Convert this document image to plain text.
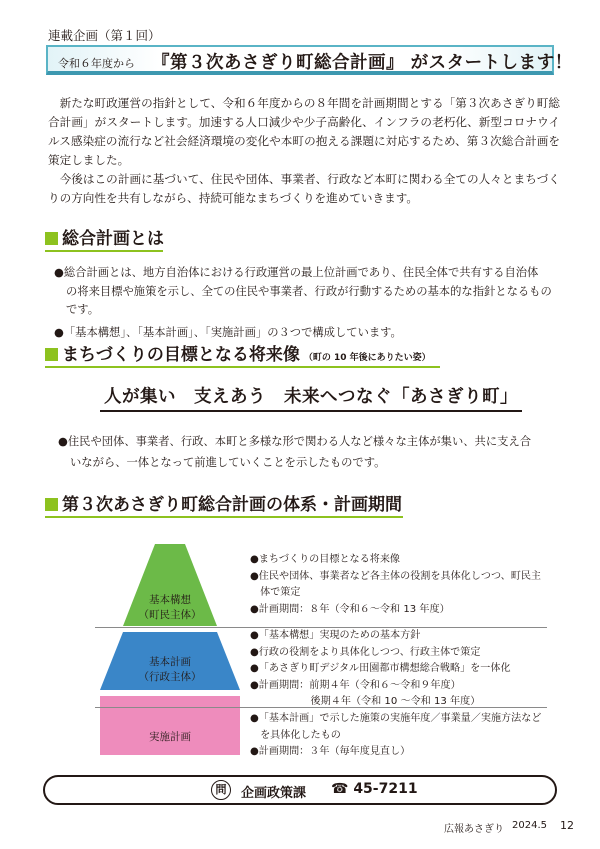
連載企画（第１回）
令和６年度から 『第３次あさぎり町総合計画』 がスタートします！

新たな町政運営の指針として、令和６年度からの８年間を計画期間とする「第３次あさぎり町総合計画」がスタートします。加速する人口減少や少子高齢化、インフラの老朽化、新型コロナウイルス感染症の流行など社会経済環境の変化や本町の抱える課題に対応するため、第３次総合計画を策定しました。

今後はこの計画に基づいて、住民や団体、事業者、行政など本町に関わる全ての人々とまちづくりの方向性を共有しながら、持続可能なまちづくりを進めていきます。

総合計画とは

●総合計画とは、地方自治体における行政運営の最上位計画であり、住民全体で共有する自治体
の将来目標や施策を示し、全ての住民や事業者、行政が行動するための基本的な指針となるものです。

●「基本構想」、「基本計画」、「実施計画」の３つで構成しています。

まちづくりの目標となる将来像 （町の 10 年後にありたい姿）
人が集い　支えあう　未来へつなぐ「あさぎり町」

●住民や団体、事業者、行政、本町と多様な形で関わる人など様々な主体が集い、共に支え合
いながら、一体となって前進していくことを示したものです。

第３次あさぎり町総合計画の体系・計画期間
基本構想
（町民主体）
基本計画
（行政主体）
実施計画
●まちづくりの目標となる将来像
●住民や団体、事業者など各主体の役割を具体化しつつ、町民主
　体で策定
●計画期間：８年（令和６～令和 13 年度）
●「基本構想」実現のための基本方針
●行政の役割をより具体化しつつ、行政主体で策定
●「あさぎり町デジタル田園都市構想総合戦略」を一体化
●計画期間：前期４年（令和６～令和９年度）
　　　　　　後期４年（令和 10 ～令和 13 年度）
●「基本計画」で示した施策の実施年度／事業量／実施方法など
　を具体化したもの
●計画期間：３年（毎年度見直し）
問	企画政策課 ☎ 45-7211
広報あさぎり 2024.5 12
